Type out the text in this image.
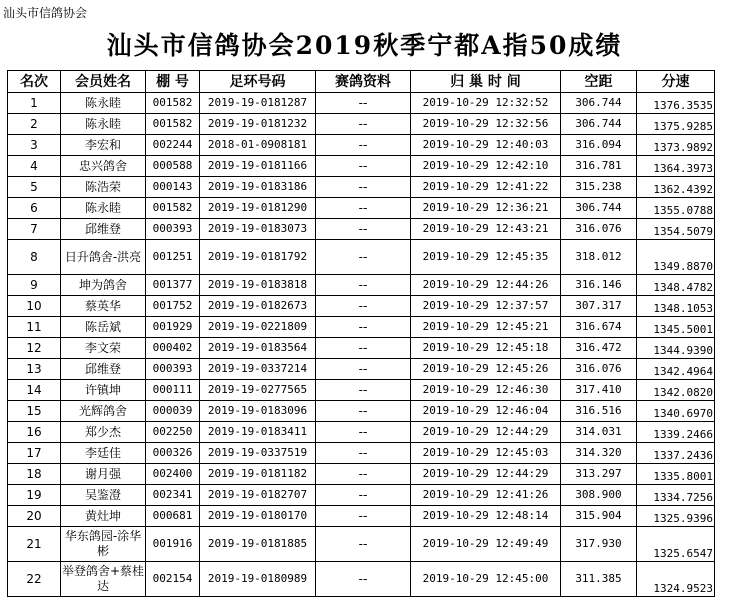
汕头市信鸽协会
汕头市信鸽协会2019秋季宁都A指50成绩
名次	会员姓名	棚 号	足环号码	赛鸽资料	归 巢 时 间	空距	分速
1	陈永睦	001582	2019-19-0181287	--	2019-10-29 12:32:52	306.744	1376.3535
2	陈永睦	001582	2019-19-0181232	--	2019-10-29 12:32:56	306.744	1375.9285
3	李宏和	002244	2018-01-0908181	--	2019-10-29 12:40:03	316.094	1373.9892
4	忠兴鸽舍	000588	2019-19-0181166	--	2019-10-29 12:42:10	316.781	1364.3973
5	陈浩荣	000143	2019-19-0183186	--	2019-10-29 12:41:22	315.238	1362.4392
6	陈永睦	001582	2019-19-0181290	--	2019-10-29 12:36:21	306.744	1355.0788
7	邱维登	000393	2019-19-0183073	--	2019-10-29 12:43:21	316.076	1354.5079
8	日升鸽舍-洪亮	001251	2019-19-0181792	--	2019-10-29 12:45:35	318.012	1349.8870
9	坤为鸽舍	001377	2019-19-0183818	--	2019-10-29 12:44:26	316.146	1348.4782
10	蔡英华	001752	2019-19-0182673	--	2019-10-29 12:37:57	307.317	1348.1053
11	陈岳斌	001929	2019-19-0221809	--	2019-10-29 12:45:21	316.674	1345.5001
12	李文荣	000402	2019-19-0183564	--	2019-10-29 12:45:18	316.472	1344.9390
13	邱维登	000393	2019-19-0337214	--	2019-10-29 12:45:26	316.076	1342.4964
14	许镇坤	000111	2019-19-0277565	--	2019-10-29 12:46:30	317.410	1342.0820
15	光辉鸽舍	000039	2019-19-0183096	--	2019-10-29 12:46:04	316.516	1340.6970
16	郑少杰	002250	2019-19-0183411	--	2019-10-29 12:44:29	314.031	1339.2466
17	李廷佳	000326	2019-19-0337519	--	2019-10-29 12:45:03	314.320	1337.2436
18	谢月强	002400	2019-19-0181182	--	2019-10-29 12:44:29	313.297	1335.8001
19	吴鉴澄	002341	2019-19-0182707	--	2019-10-29 12:41:26	308.900	1334.7256
20	黄灶坤	000681	2019-19-0180170	--	2019-10-29 12:48:14	315.904	1325.9396
21	华东鸽园-涂华彬	001916	2019-19-0181885	--	2019-10-29 12:49:49	317.930	1325.6547
22	举登鸽舍+蔡桂达	002154	2019-19-0180989	--	2019-10-29 12:45:00	311.385	1324.9523
